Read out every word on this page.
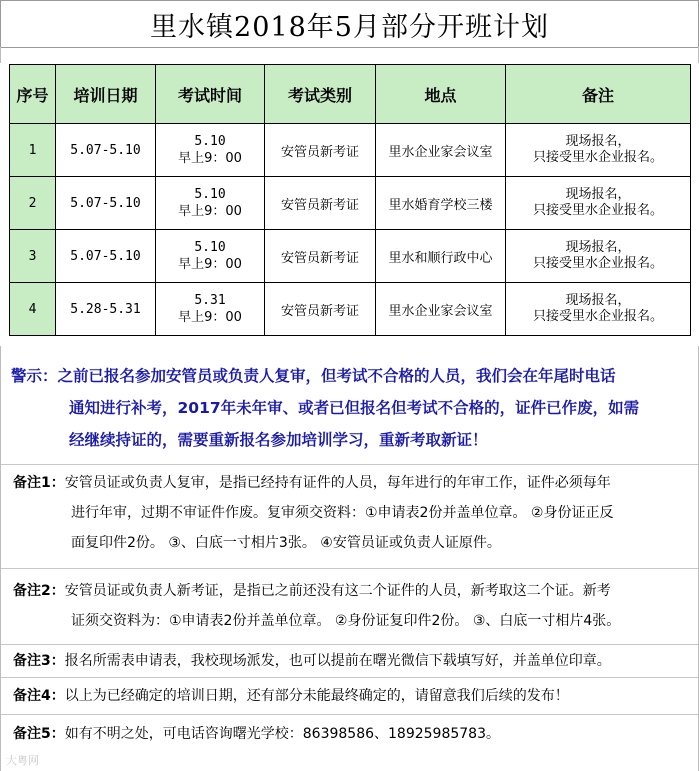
里水镇2018年5月部分开班计划
序号	培训日期	考试时间	考试类别	地点	备注
1	5.07-5.10	5.10
早上9：00	安管员新考证	里水企业家会议室	现场报名，
只接受里水企业报名。

2	5.07-5.10	5.10
早上9：00	安管员新考证	里水婚育学校三楼	现场报名，
只接受里水企业报名。

3	5.07-5.10	5.10
早上9：00	安管员新考证	里水和顺行政中心	现场报名，
只接受里水企业报名。

4	5.28-5.31	5.31
早上9：00	安管员新考证	里水企业家会议室	现场报名，
只接受里水企业报名。
警示：之前已报名参加安管员或负责人复审，但考试不合格的人员，我们会在年尾时电话
通知进行补考，2017年未年审、或者已但报名但考试不合格的，证件已作废，如需
经继续持证的，需要重新报名参加培训学习，重新考取新证！
备注1：安管员证或负责人复审，是指已经持有证件的人员，每年进行的年审工作，证件必须每年
进行年审，过期不审证件作废。复审须交资料：①申请表2份并盖单位章。 ②身份证正反
面复印件2份。 ③、白底一寸相片3张。 ④安管员证或负责人证原件。
备注2：安管员证或负责人新考证，是指已之前还没有这二个证件的人员，新考取这二个证。新考
证须交资料为：①申请表2份并盖单位章。 ②身份证复印件2份。 ③、白底一寸相片4张。
备注3：报名所需表申请表，我校现场派发，也可以提前在曙光微信下载填写好，并盖单位印章。
备注4：以上为已经确定的培训日期，还有部分未能最终确定的，请留意我们后续的发布！
备注5：如有不明之处，可电话咨询曙光学校：86398586、18925985783。
大粤网
